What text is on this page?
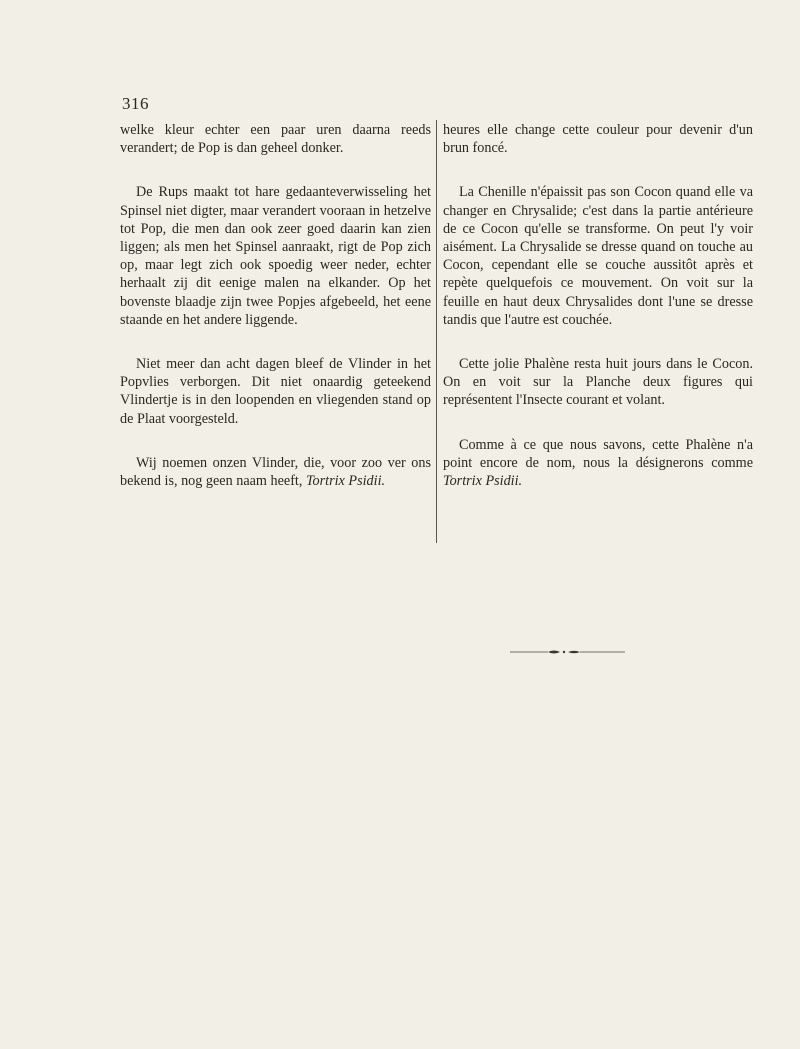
316

welke kleur echter een paar uren daarna reeds verandert; de Pop is dan geheel donker.

De Rups maakt tot hare gedaanteverwisseling het Spinsel niet digter, maar verandert vooraan in hetzelve tot Pop, die men dan ook zeer goed daarin kan zien liggen; als men het Spinsel aanraakt, rigt de Pop zich op, maar legt zich ook spoedig weer neder, echter herhaalt zij dit eenige malen na elkander. Op het bovenste blaadje zijn twee Popjes afgebeeld, het eene staande en het andere liggende.

Niet meer dan acht dagen bleef de Vlinder in het Popvlies verborgen. Dit niet onaardig geteekend Vlindertje is in den loopenden en vliegenden stand op de Plaat voorgesteld.

Wij noemen onzen Vlinder, die, voor zoo ver ons bekend is, nog geen naam heeft, Tortrix Psidii.

heures elle change cette couleur pour devenir d'un brun foncé.

La Chenille n'épaissit pas son Cocon quand elle va changer en Chrysalide; c'est dans la partie antérieure de ce Cocon qu'elle se transforme. On peut l'y voir aisément. La Chrysalide se dresse quand on touche au Cocon, cependant elle se couche aussitôt après et repète quelquefois ce mouvement. On voit sur la feuille en haut deux Chrysalides dont l'une se dresse tandis que l'autre est couchée.

Cette jolie Phalène resta huit jours dans le Cocon. On en voit sur la Planche deux figures qui représentent l'Insecte courant et volant.

Comme à ce que nous savons, cette Phalène n'a point encore de nom, nous la désignerons comme Tortrix Psidii.
